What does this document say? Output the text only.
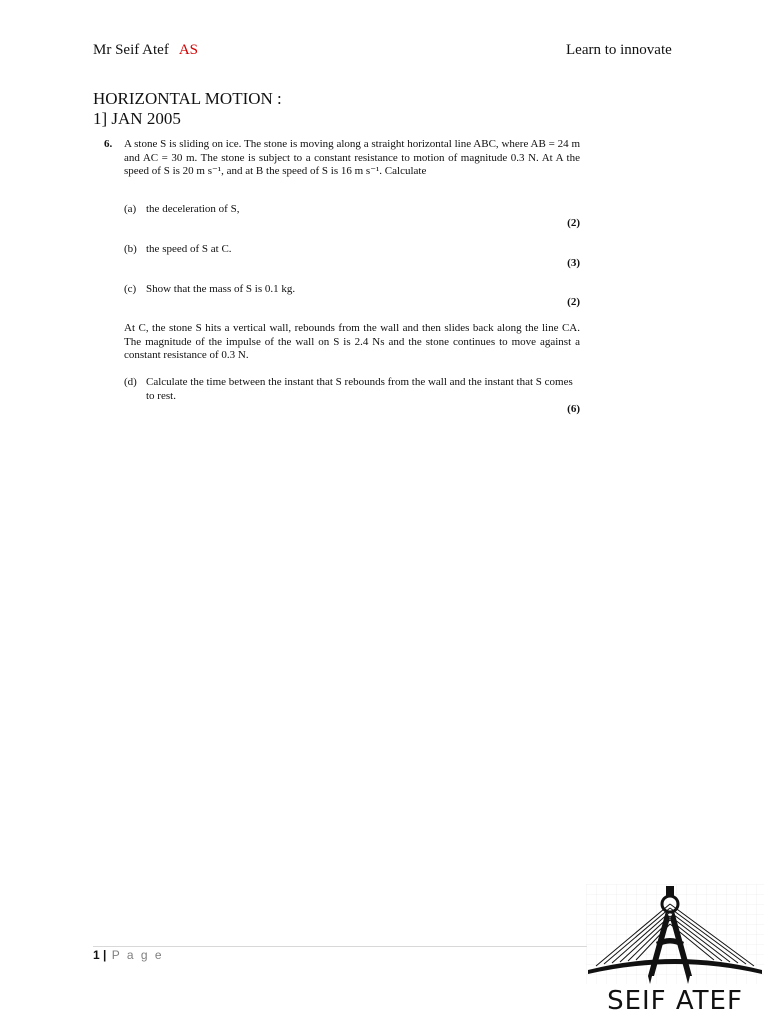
Mr Seif Atef AS	Learn to innovate
HORIZONTAL MOTION :
1] JAN 2005
6. A stone S is sliding on ice. The stone is moving along a straight horizontal line ABC, where AB = 24 m and AC = 30 m. The stone is subject to a constant resistance to motion of magnitude 0.3 N. At A the speed of S is 20 m s⁻¹, and at B the speed of S is 16 m s⁻¹. Calculate
(a) the deceleration of S,
(2)
(b) the speed of S at C.
(3)
(c) Show that the mass of S is 0.1 kg.
(2)
At C, the stone S hits a vertical wall, rebounds from the wall and then slides back along the line CA. The magnitude of the impulse of the wall on S is 2.4 Ns and the stone continues to move against a constant resistance of 0.3 N.
(d) Calculate the time between the instant that S rebounds from the wall and the instant that S comes to rest.
(6)
1 | P a g e
SEIF ATEF
